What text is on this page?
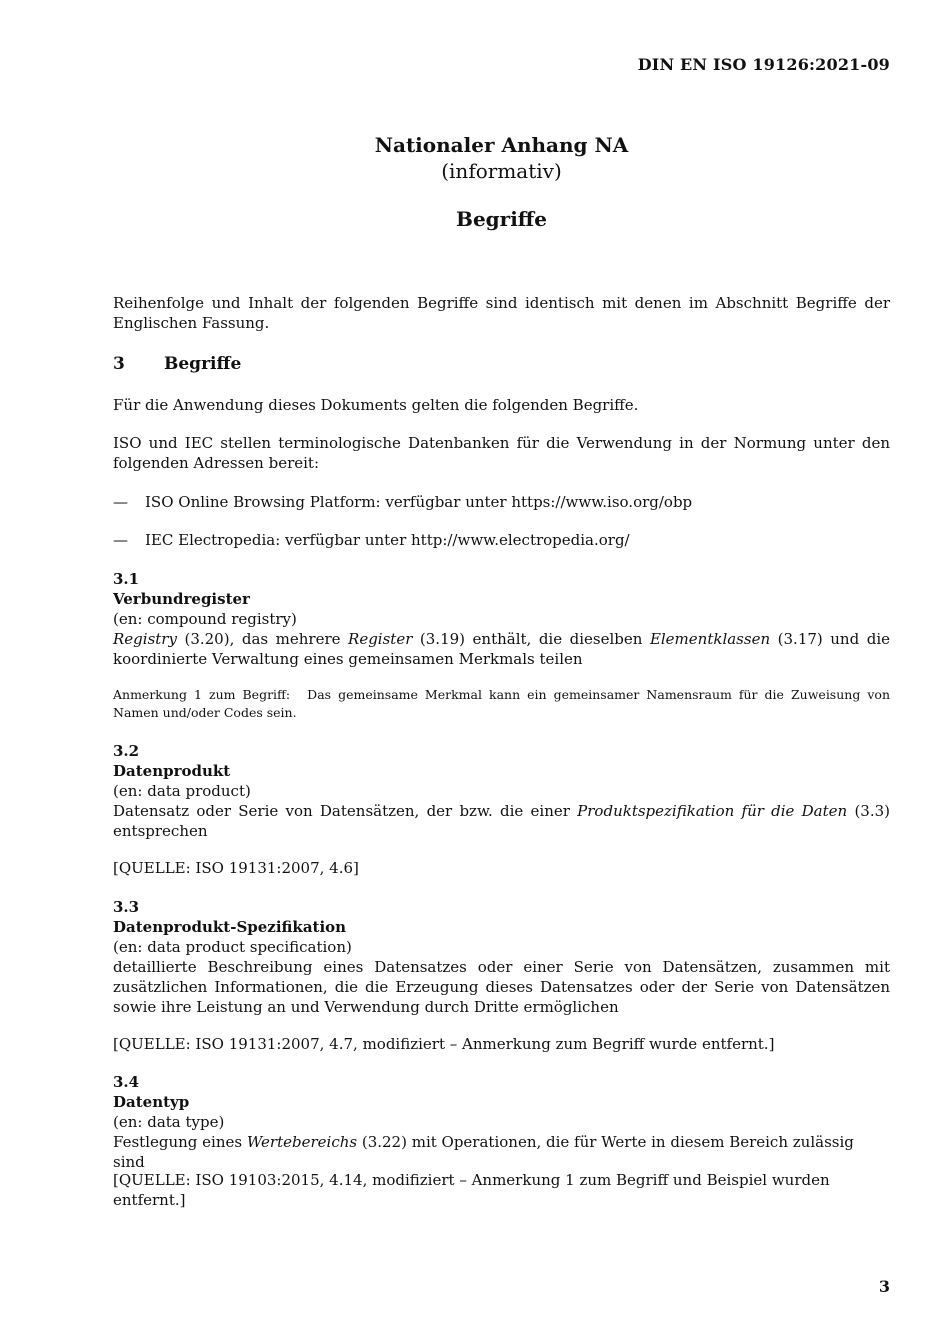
DIN EN ISO 19126:2021-09
Nationaler Anhang NA
(informativ)
Begriffe
Reihenfolge und Inhalt der folgenden Begriffe sind identisch mit denen im Abschnitt Begriffe der Englischen Fassung.
3 Begriffe
Für die Anwendung dieses Dokuments gelten die folgenden Begriffe.
ISO und IEC stellen terminologische Datenbanken für die Verwendung in der Normung unter den folgenden Adressen bereit:
— ISO Online Browsing Platform: verfügbar unter https://www.iso.org/obp
— IEC Electropedia: verfügbar unter http://www.electropedia.org/
3.1
Verbundregister
(en: compound registry)
Registry (3.20), das mehrere Register (3.19) enthält, die dieselben Elementklassen (3.17) und die koordinierte Verwaltung eines gemeinsamen Merkmals teilen
Anmerkung 1 zum Begriff: Das gemeinsame Merkmal kann ein gemeinsamer Namensraum für die Zuweisung von Namen und/oder Codes sein.
3.2
Datenprodukt
(en: data product)
Datensatz oder Serie von Datensätzen, der bzw. die einer Produktspezifikation für die Daten (3.3) entsprechen
[QUELLE: ISO 19131:2007, 4.6]
3.3
Datenprodukt-Spezifikation
(en: data product specification)
detaillierte Beschreibung eines Datensatzes oder einer Serie von Datensätzen, zusammen mit zusätzlichen Informationen, die die Erzeugung dieses Datensatzes oder der Serie von Datensätzen sowie ihre Leistung an und Verwendung durch Dritte ermöglichen
[QUELLE: ISO 19131:2007, 4.7, modifiziert – Anmerkung zum Begriff wurde entfernt.]
3.4
Datentyp
(en: data type)
Festlegung eines Wertebereichs (3.22) mit Operationen, die für Werte in diesem Bereich zulässig sind
[QUELLE: ISO 19103:2015, 4.14, modifiziert – Anmerkung 1 zum Begriff und Beispiel wurden entfernt.]
3
